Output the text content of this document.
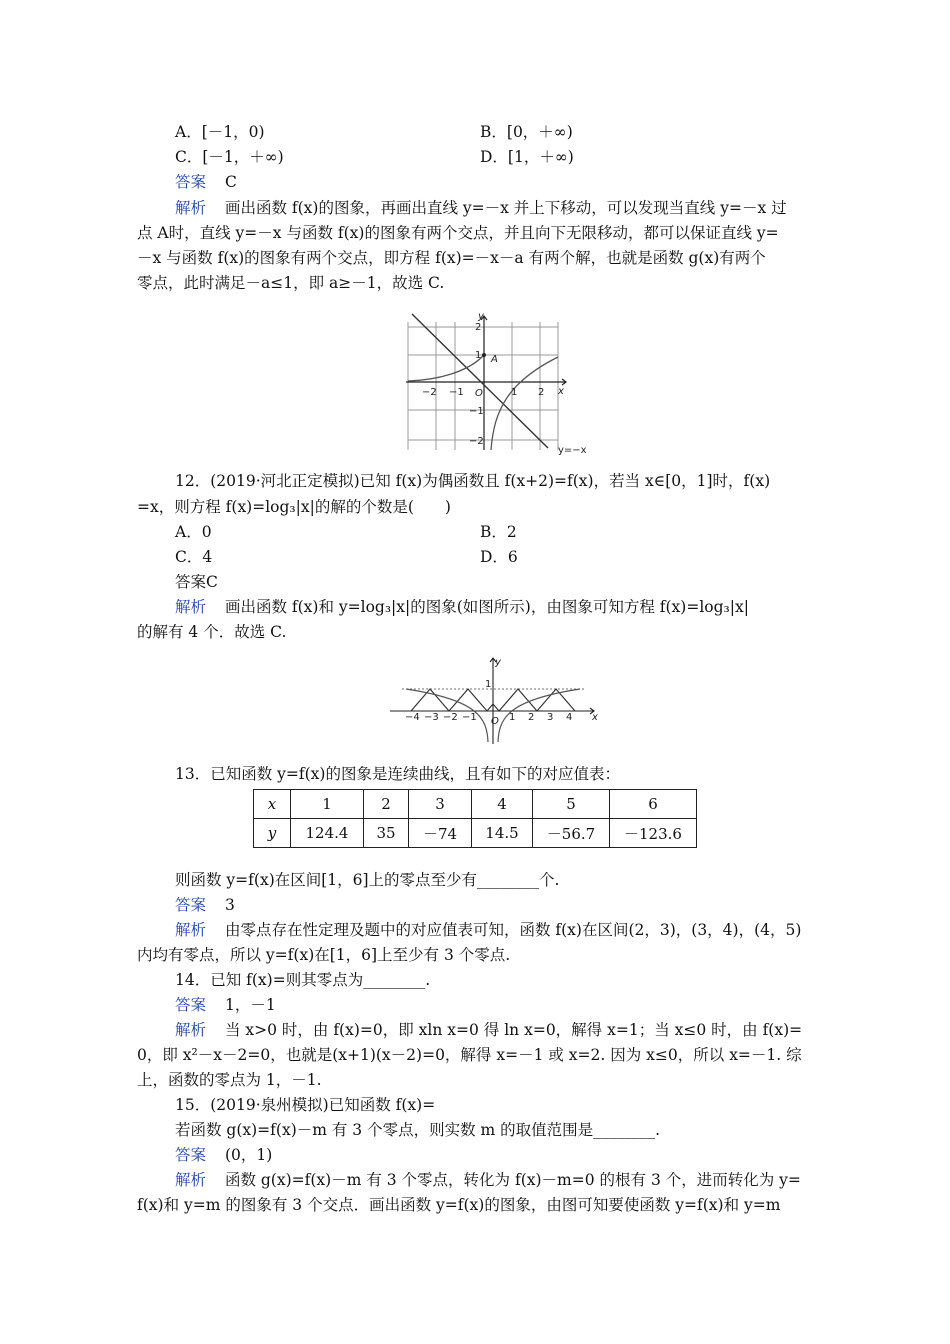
A．[－1，0)	B．[0，＋∞)
C．[－1，＋∞)	D．[1，＋∞)
答案 C
解析 画出函数 f(x)的图象，再画出直线 y=－x 并上下移动，可以发现当直线 y=－x 过
点 A时，直线 y=－x 与函数 f(x)的图象有两个交点，并且向下无限移动，都可以保证直线 y=
－x 与函数 f(x)的图象有两个交点，即方程 f(x)=－x－a 有两个解，也就是函数 g(x)有两个
零点，此时满足－a≤1，即 a≥－1，故选 C.
y
x
O
A
y=−x
−2 −1	1 2
2
1
−1
−2
12．(2019·河北正定模拟)已知 f(x)为偶函数且 f(x+2)=f(x)，若当 x∈[0，1]时，f(x)
=x，则方程 f(x)=log₃|x|的解的个数是(　　)
A．0	B．2
C．4	D．6
答案C
解析 画出函数 f(x)和 y=log₃|x|的图象(如图所示)，由图象可知方程 f(x)=log₃|x|
的解有 4 个．故选 C.
y
x
O
1
−4 −3 −2 −1	1 2 3 4
13．已知函数 y=f(x)的图象是连续曲线，且有如下的对应值表：
x	1	2	3	4	5	6
y	124.4	35	－74	14.5	－56.7	－123.6
则函数 y=f(x)在区间[1，6]上的零点至少有________个.
答案 3
解析 由零点存在性定理及题中的对应值表可知，函数 f(x)在区间(2，3)，(3，4)，(4，5)
内均有零点，所以 y=f(x)在[1，6]上至少有 3 个零点.
14．已知 f(x)=则其零点为________.
答案 1，－1
解析 当 x>0 时，由 f(x)=0，即 xln x=0 得 ln x=0，解得 x=1；当 x≤0 时，由 f(x)=
0，即 x²－x－2=0，也就是(x+1)(x－2)=0，解得 x=－1 或 x=2. 因为 x≤0，所以 x=－1. 综
上，函数的零点为 1，－1.
15．(2019·泉州模拟)已知函数 f(x)=
若函数 g(x)=f(x)－m 有 3 个零点，则实数 m 的取值范围是________.
答案 (0，1)
解析 函数 g(x)=f(x)－m 有 3 个零点，转化为 f(x)－m=0 的根有 3 个，进而转化为 y=
f(x)和 y=m 的图象有 3 个交点．画出函数 y=f(x)的图象，由图可知要使函数 y=f(x)和 y=m
